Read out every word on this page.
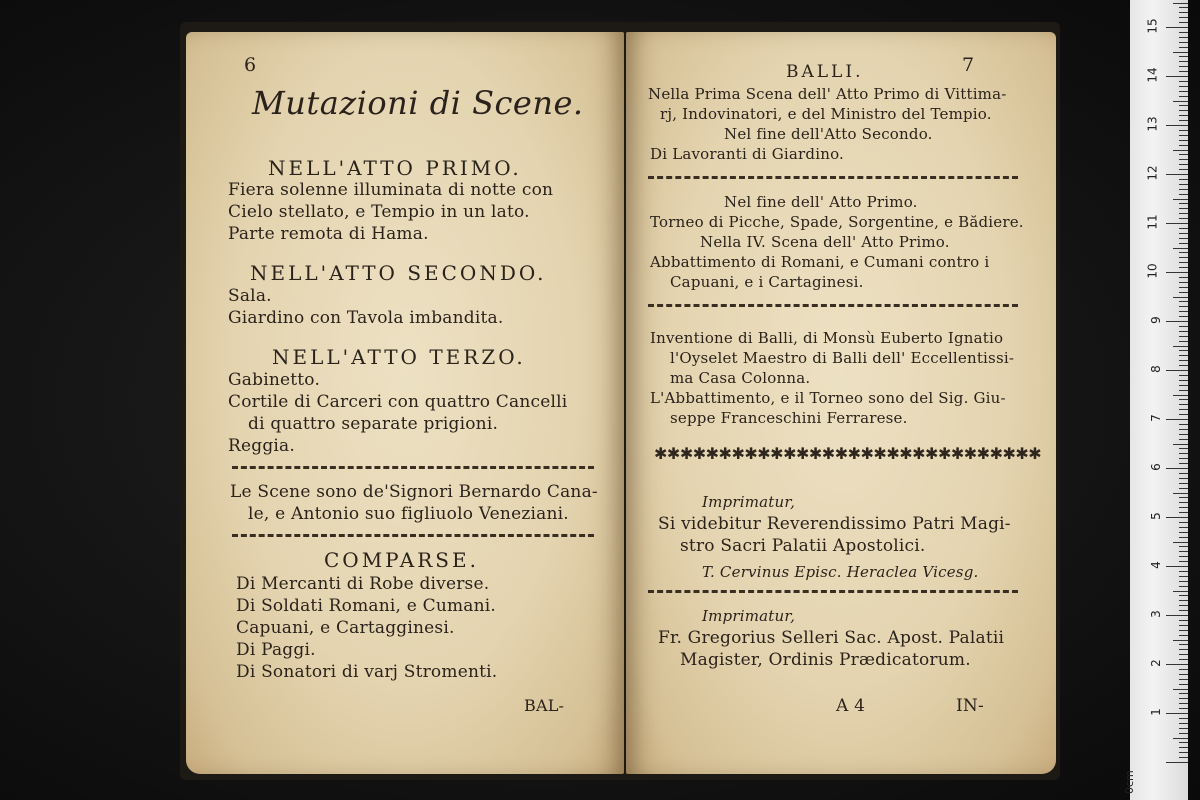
6
Mutazioni di Scene.
NELL'ATTO PRIMO.
Fiera solenne illuminata di notte con
Cielo stellato, e Tempio in un lato.
Parte remota di Hama.
NELL'ATTO SECONDO.
Sala.
Giardino con Tavola imbandita.
NELL'ATTO TERZO.
Gabinetto.
Cortile di Carceri con quattro Cancelli
di quattro separate prigioni.
Reggia.
Le Scene sono de'Signori Bernardo Cana-
le, e Antonio suo figliuolo Veneziani.
COMPARSE.
Di Mercanti di Robe diverse.
Di Soldati Romani, e Cumani.
Capuani, e Cartagginesi.
Di Paggi.
Di Sonatori di varj Stromenti.
BAL-
7
BALLI.
Nella Prima Scena dell' Atto Primo di Vittima-
rj, Indovinatori, e del Ministro del Tempio.
Nel fine dell'Atto Secondo.
Di Lavoranti di Giardino.
Nel fine dell' Atto Primo.
Torneo di Picche, Spade, Sorgentine, e Bădiere.
Nella IV. Scena dell' Atto Primo.
Abbattimento di Romani, e Cumani contro i
Capuani, e i Cartaginesi.
Inventione di Balli, di Monsù Euberto Ignatio
l'Oyselet Maestro di Balli dell' Eccellentissi-
ma Casa Colonna.
L'Abbattimento, e il Torneo sono del Sig. Giu-
seppe Franceschini Ferrarese.
✱✱✱✱✱✱✱✱✱✱✱✱✱✱✱✱✱✱✱✱✱✱✱✱✱✱✱✱✱✱
Imprimatur,
Si videbitur Reverendissimo Patri Magi-
stro Sacri Palatii Apostolici.
T. Cervinus Episc. Heraclea Vicesg.
Imprimatur,
Fr. Gregorius Selleri Sac. Apost. Palatii
Magister, Ordinis Prædicatorum.
A 4	IN-
0cm
1
2
3
4
5
6
7
8
9
10
11
12
13
14
15
